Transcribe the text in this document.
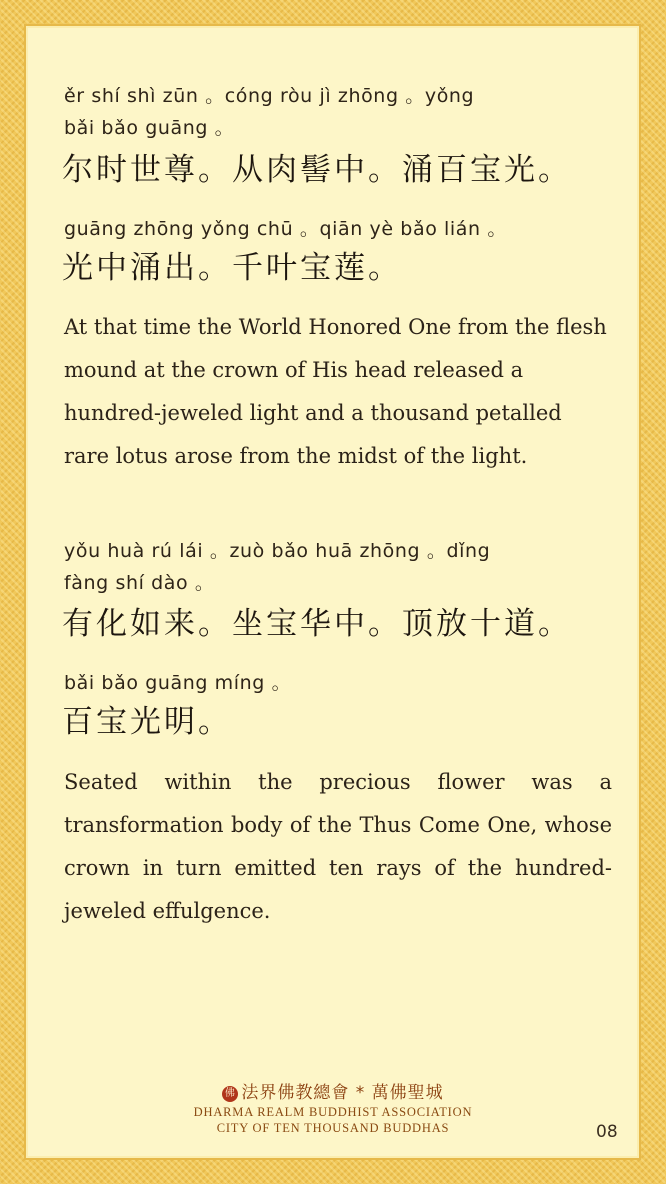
ěr shí shì zūn 。cóng ròu jì zhōng 。yǒng
bǎi bǎo guāng 。

尔时世尊。从肉髻中。涌百宝光。

guāng zhōng yǒng chū 。qiān yè bǎo lián 。

光中涌出。千叶宝莲。

At that time the World Honored One from the flesh mound at the crown of His head released a hundred-jeweled light and a thousand petalled rare lotus arose from the midst of the light.

yǒu huà rú lái 。zuò bǎo huā zhōng 。dǐng
fàng shí dào 。

有化如来。坐宝华中。顶放十道。

bǎi bǎo guāng míng 。

百宝光明。

Seated within the precious flower was a transformation body of the Thus Come One, whose crown in turn emitted ten rays of the hundred-jeweled effulgence.

佛 法界佛教總會 * 萬佛聖城
DHARMA REALM BUDDHIST ASSOCIATION
CITY OF TEN THOUSAND BUDDHAS	08
